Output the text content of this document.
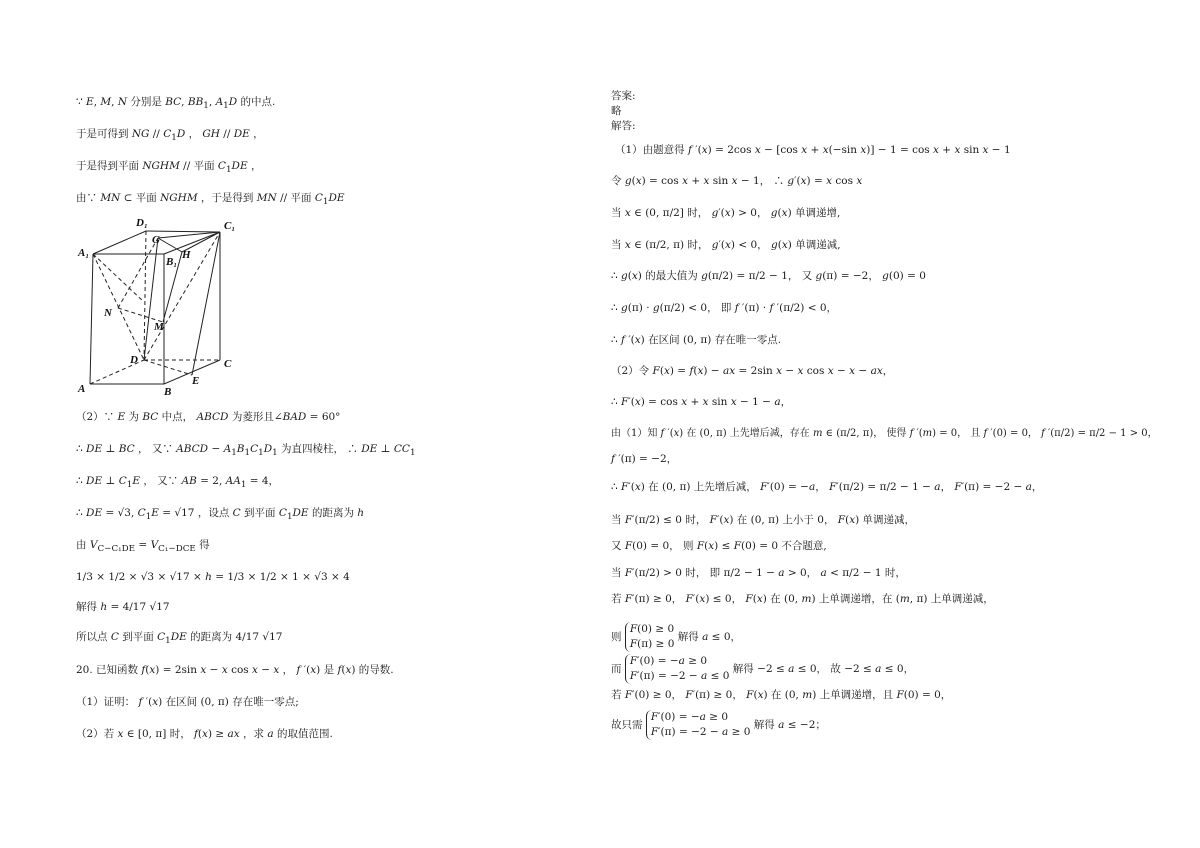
∵ E, M, N 分别是 BC, $BB_1$, $A_1D$ 的中点.
于是可得到 NG // $C_1D$ ， GH // DE ，
于是得到平面 NGHM // 平面 $C_1DE$ ，
由∵ MN ⊂ 平面 NGHM ，于是得到 MN // 平面 $C_1DE$
D₁	C₁
A₁
G
H
B₁
N
M
D	C
A
E
B
（2）∵ E 为 BC 中点， ABCD 为菱形且∠BAD = 60°
∴ DE ⊥ BC ， 又∵ ABCD − $A_1B_1C_1D_1$ 为直四棱柱， ∴ DE ⊥ $CC_1$
∴ DE ⊥ $C_1E$ ， 又∵ AB = 2, $AA_1 = 4$，
∴ DE = √3, $C_1E = √17$ ，设点 C 到平面 $C_1DE$ 的距离为 h
由 $V_{C-C_1DE} = V_{C_1-DCE}$ 得
1/3 × 1/2 × √3 × √17 × h = 1/3 × 1/2 × 1 × √3 × 4
解得 h = 4/17 √17
所以点 C 到平面 $C_1DE$ 的距离为 4/17 √17
20. 已知函数 f(x) = 2sin x − x cos x − x ， f ′(x) 是 f(x) 的导数.
（1）证明： f ′(x) 在区间 (0, π) 存在唯一零点;
（2）若 x ∈ [0, π] 时， f(x) ≥ ax ，求 a 的取值范围.
答案:
略
解答:
（1）由题意得 f ′(x) = 2cos x − [cos x + x(−sin x)] − 1 = cos x + x sin x − 1
令 g(x) = cos x + x sin x − 1， ∴ g′(x) = x cos x
当 x ∈ (0, π/2] 时， g′(x) > 0， g(x) 单调递增,
当 x ∈ (π/2, π) 时， g′(x) < 0， g(x) 单调递减,
∴ g(x) 的最大值为 g(π/2) = π/2 − 1， 又 g(π) = −2， g(0) = 0
∴ g(π) · g(π/2) < 0， 即 f ′(π) · f ′(π/2) < 0，
∴ f ′(x) 在区间 (0, π) 存在唯一零点.
（2）令 F(x) = f(x) − ax = 2sin x − x cos x − x − ax，
∴ F′(x) = cos x + x sin x − 1 − a，
由（1）知 f ′(x) 在 (0, π) 上先增后减，存在 m ∈ (π/2, π)， 使得 f ′(m) = 0， 且 f ′(0) = 0， f ′(π/2) = π/2 − 1 > 0，
f ′(π) = −2，
∴ F′(x) 在 (0, π) 上先增后减， F′(0) = −a， F′(π/2) = π/2 − 1 − a， F′(π) = −2 − a，
当 F′(π/2) ≤ 0 时， F′(x) 在 (0, π) 上小于 0， F(x) 单调递减，
又 F(0) = 0， 则 F(x) ≤ F(0) = 0 不合题意,
当 F′(π/2) > 0 时， 即 π/2 − 1 − a > 0， a < π/2 − 1 时，
若 F′(π) ≥ 0， F′(x) ≤ 0， F(x) 在 (0, m) 上单调递增，在 (m, π) 上单调递减，
则 F(0) ≥ 0
F(π) ≥ 0 解得 a ≤ 0，
而 F′(0) = −a ≥ 0
F′(π) = −2 − a ≤ 0 解得 −2 ≤ a ≤ 0， 故 −2 ≤ a ≤ 0，
若 F′(0) ≥ 0， F′(π) ≥ 0， F(x) 在 (0, m) 上单调递增，且 F(0) = 0，
故只需 F′(0) = −a ≥ 0
F′(π) = −2 − a ≥ 0 解得 a ≤ −2；
